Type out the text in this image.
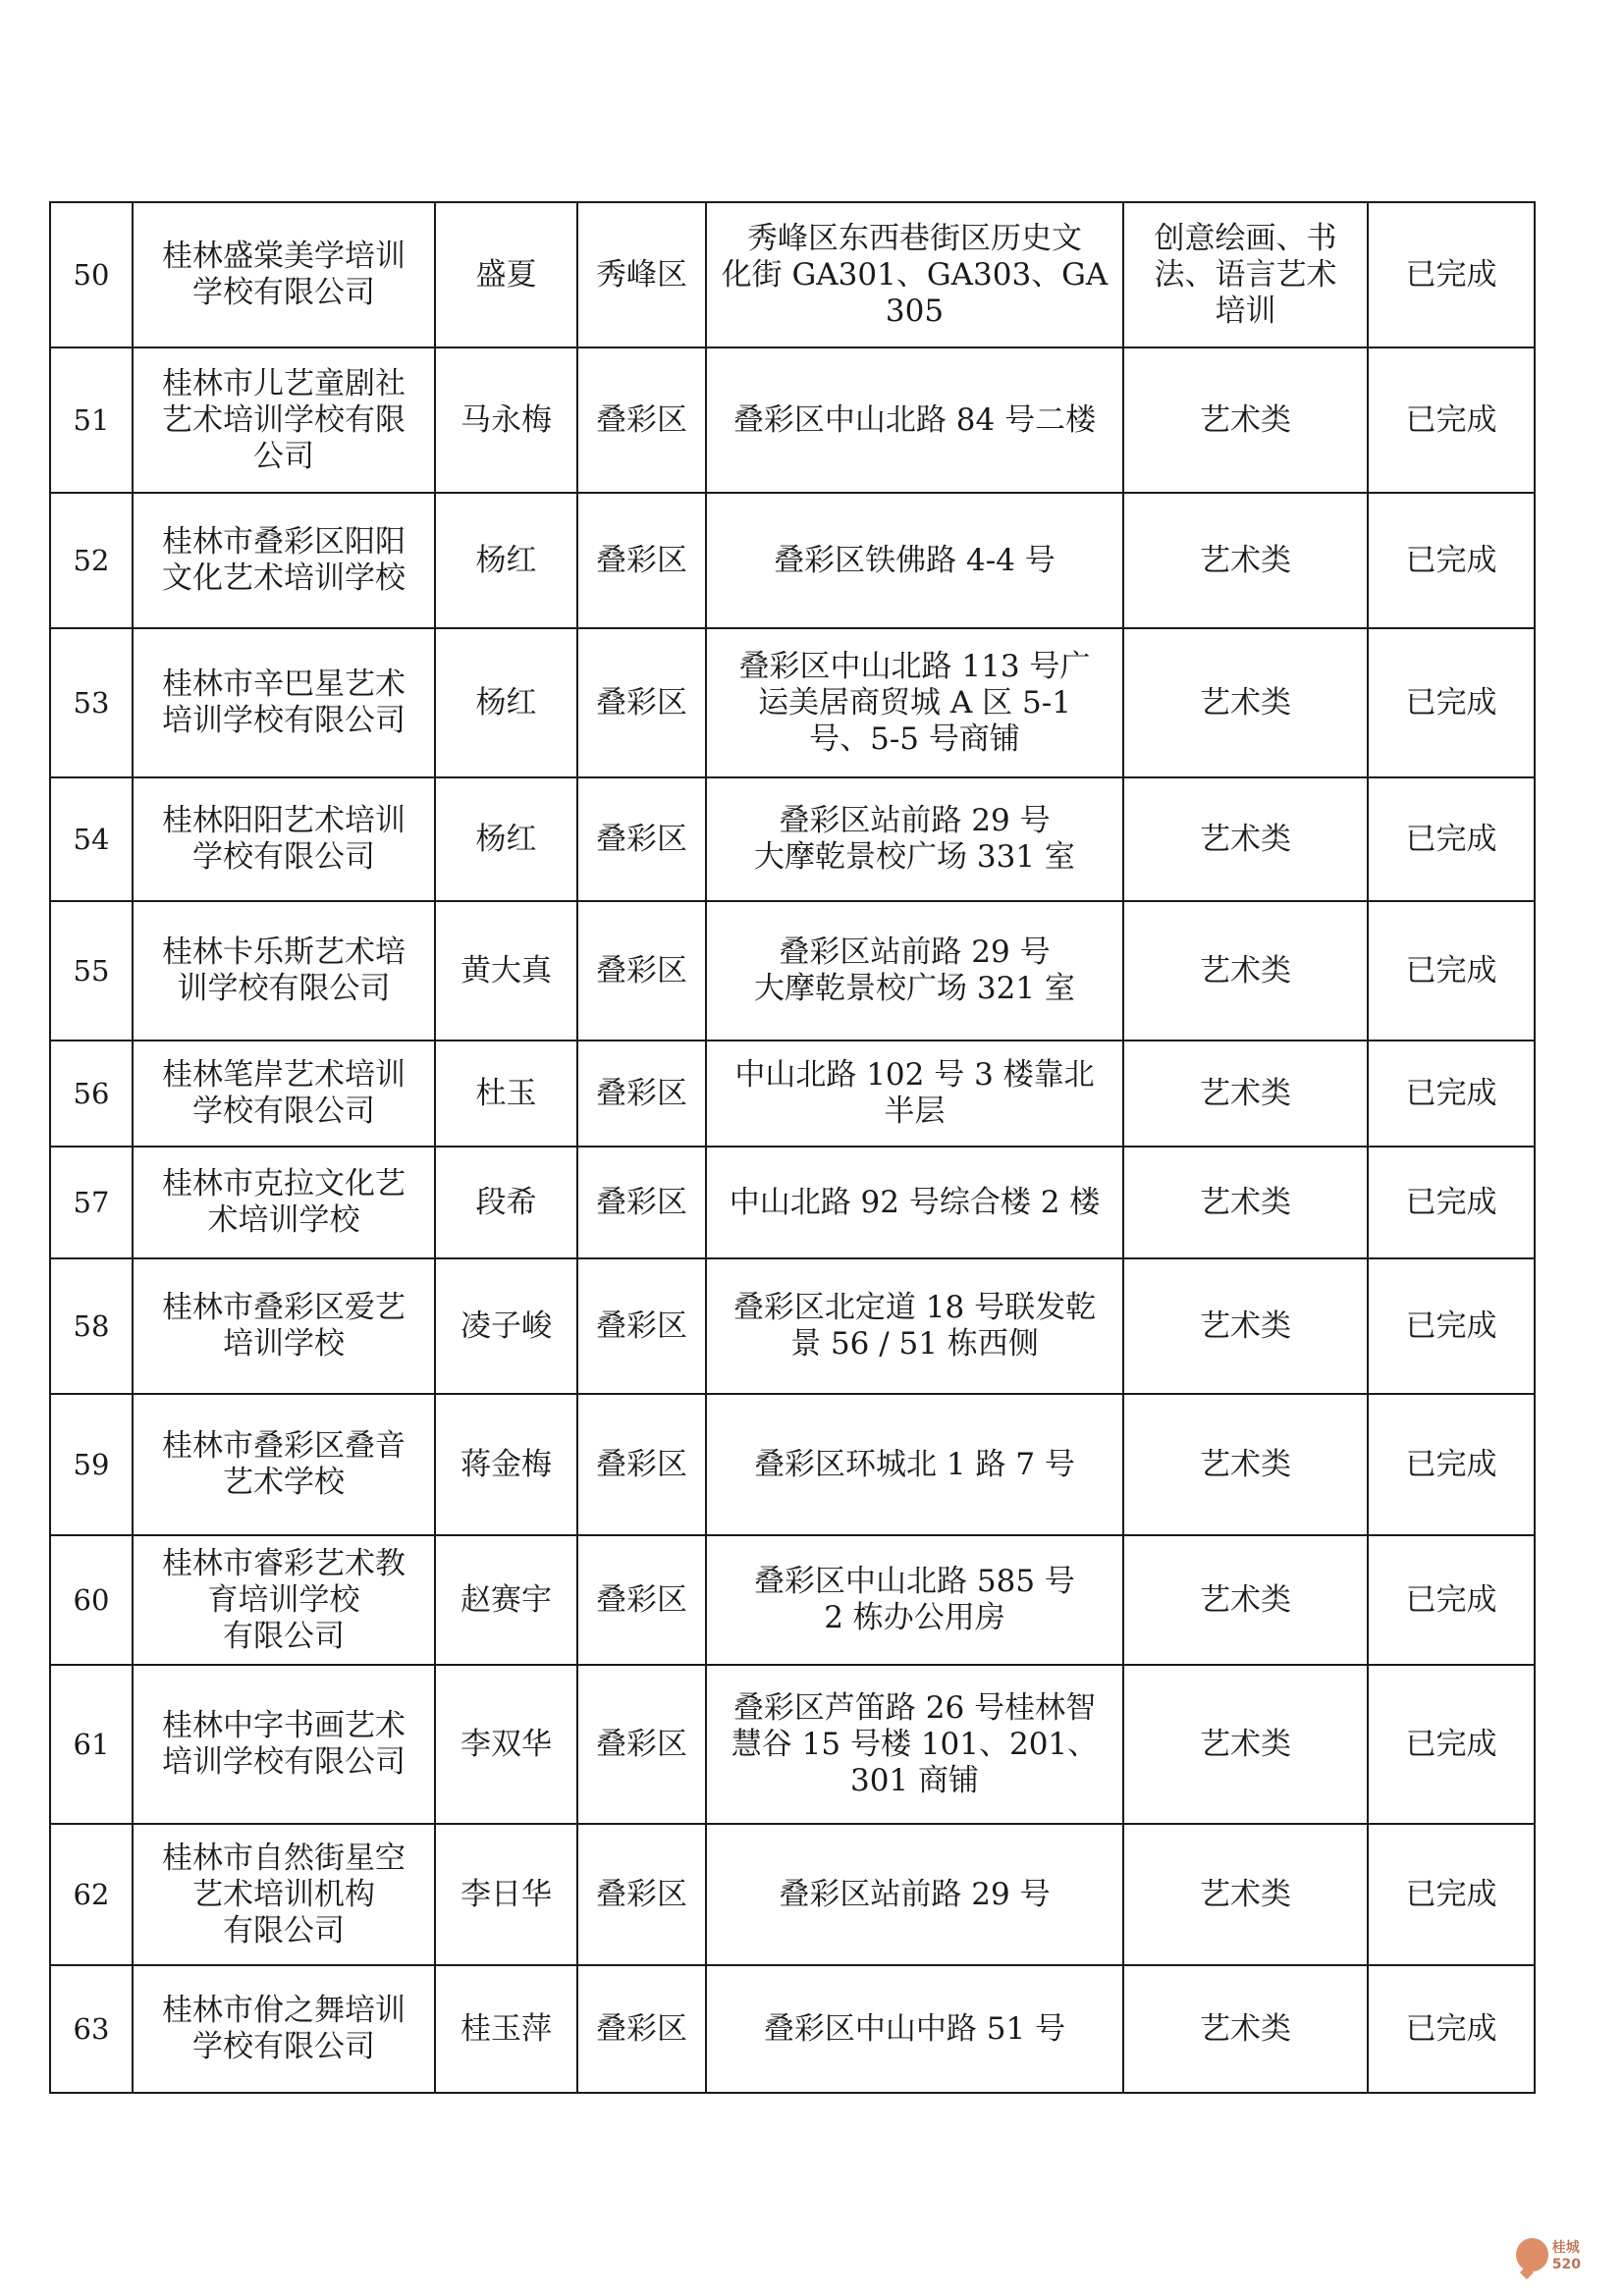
50	桂林盛棠美学培训
学校有限公司	盛夏	秀峰区	秀峰区东西巷街区历史文
化街 GA301、GA303、GA305	创意绘画、书
法、语言艺术
培训	已完成
51	桂林市儿艺童剧社
艺术培训学校有限
公司	马永梅	叠彩区	叠彩区中山北路 84 号二楼	艺术类	已完成
52	桂林市叠彩区阳阳
文化艺术培训学校	杨红	叠彩区	叠彩区铁佛路 4-4 号	艺术类	已完成
53	桂林市辛巴星艺术
培训学校有限公司	杨红	叠彩区	叠彩区中山北路 113 号广
运美居商贸城 A 区 5-1
号、5-5 号商铺	艺术类	已完成
54	桂林阳阳艺术培训
学校有限公司	杨红	叠彩区	叠彩区站前路 29 号
大摩乾景校广场 331 室	艺术类	已完成
55	桂林卡乐斯艺术培
训学校有限公司	黄大真	叠彩区	叠彩区站前路 29 号
大摩乾景校广场 321 室	艺术类	已完成
56	桂林笔岸艺术培训
学校有限公司	杜玉	叠彩区	中山北路 102 号 3 楼靠北
半层	艺术类	已完成
57	桂林市克拉文化艺
术培训学校	段希	叠彩区	中山北路 92 号综合楼 2 楼	艺术类	已完成
58	桂林市叠彩区爱艺
培训学校	凌子峻	叠彩区	叠彩区北定道 18 号联发乾
景 56 / 51 栋西侧	艺术类	已完成
59	桂林市叠彩区叠音
艺术学校	蒋金梅	叠彩区	叠彩区环城北 1 路 7 号	艺术类	已完成
60	桂林市睿彩艺术教
育培训学校
有限公司	赵赛宇	叠彩区	叠彩区中山北路 585 号
2 栋办公用房	艺术类	已完成
61	桂林中字书画艺术
培训学校有限公司	李双华	叠彩区	叠彩区芦笛路 26 号桂林智
慧谷 15 号楼 101、201、
301 商铺	艺术类	已完成
62	桂林市自然街星空
艺术培训机构
有限公司	李日华	叠彩区	叠彩区站前路 29 号	艺术类	已完成
63	桂林市佾之舞培训
学校有限公司	桂玉萍	叠彩区	叠彩区中山中路 51 号	艺术类	已完成
桂城520
